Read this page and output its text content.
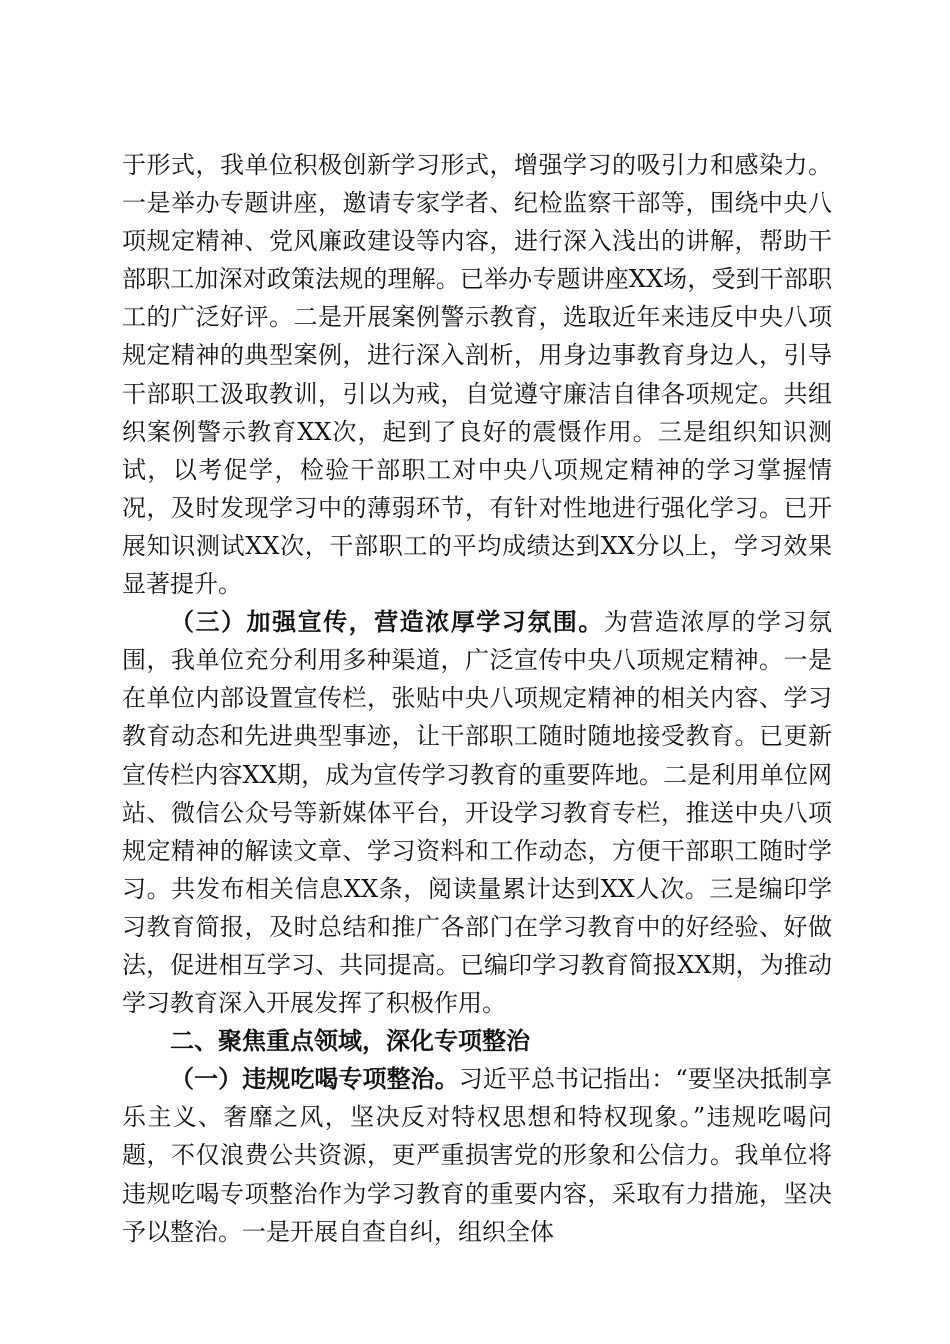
于形式，我单位积极创新学习形式，增强学习的吸引力和感染力。一是举办专题讲座，邀请专家学者、纪检监察干部等，围绕中央八项规定精神、党风廉政建设等内容，进行深入浅出的讲解，帮助干部职工加深对政策法规的理解。已举办专题讲座XX场，受到干部职工的广泛好评。二是开展案例警示教育，选取近年来违反中央八项规定精神的典型案例，进行深入剖析，用身边事教育身边人，引导干部职工汲取教训，引以为戒，自觉遵守廉洁自律各项规定。共组织案例警示教育XX次，起到了良好的震慑作用。三是组织知识测试，以考促学，检验干部职工对中央八项规定精神的学习掌握情况，及时发现学习中的薄弱环节，有针对性地进行强化学习。已开展知识测试XX次，干部职工的平均成绩达到XX分以上，学习效果显著提升。

（三）加强宣传，营造浓厚学习氛围。为营造浓厚的学习氛围，我单位充分利用多种渠道，广泛宣传中央八项规定精神。一是在单位内部设置宣传栏，张贴中央八项规定精神的相关内容、学习教育动态和先进典型事迹，让干部职工随时随地接受教育。已更新宣传栏内容XX期，成为宣传学习教育的重要阵地。二是利用单位网站、微信公众号等新媒体平台，开设学习教育专栏，推送中央八项规定精神的解读文章、学习资料和工作动态，方便干部职工随时学习。共发布相关信息XX条，阅读量累计达到XX人次。三是编印学习教育简报，及时总结和推广各部门在学习教育中的好经验、好做法，促进相互学习、共同提高。已编印学习教育简报XX期，为推动学习教育深入开展发挥了积极作用。

二、聚焦重点领域，深化专项整治

（一）违规吃喝专项整治。习近平总书记指出：“要坚决抵制享乐主义、奢靡之风，坚决反对特权思想和特权现象。”违规吃喝问题，不仅浪费公共资源，更严重损害党的形象和公信力。我单位将违规吃喝专项整治作为学习教育的重要内容，采取有力措施，坚决予以整治。一是开展自查自纠，组织全体
